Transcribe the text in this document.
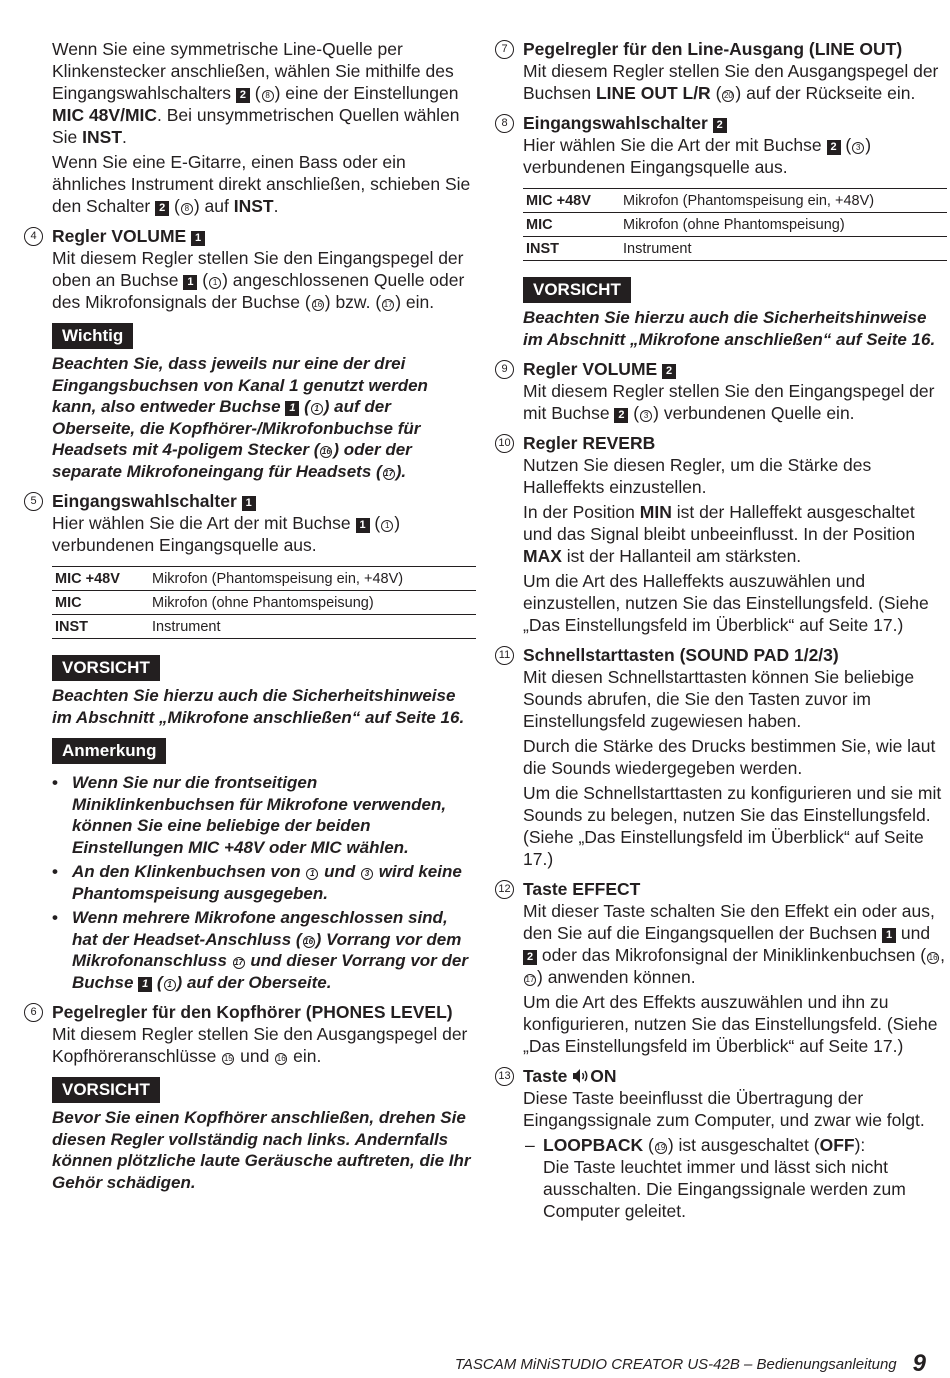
Wenn Sie eine symmetrische Line-Quelle per Klinkenstecker anschließen, wählen Sie mithilfe des Eingangswahlschalters 2 ( 8 ) eine der Einstellungen MIC 48V/MIC. Bei unsymmetrischen Quellen wählen Sie INST.

Wenn Sie eine E-Gitarre, einen Bass oder ein ähnliches Instrument direkt anschließen, schieben Sie den Schalter 2 ( 8 ) auf INST.

4 Regler VOLUME 1

Mit diesem Regler stellen Sie den Eingangspegel der oben an Buchse 1 ( 1 ) angeschlossenen Quelle oder des Mikrofonsignals der Buchse ( 16 ) bzw. ( 17 ) ein.

Wichtig

Beachten Sie, dass jeweils nur eine der drei Eingangsbuchsen von Kanal 1 genutzt werden kann, also entweder Buchse 1 ( 1 ) auf der Oberseite, die Kopfhörer-/Mikrofonbuchse für Headsets mit 4-poligem Stecker ( 16 ) oder der separate Mikrofoneingang für Headsets ( 17 ).

5 Eingangswahlschalter 1

Hier wählen Sie die Art der mit Buchse 1 ( 1 ) verbundenen Eingangsquelle aus.

MIC +48V	Mikrofon (Phantomspeisung ein, +48V)
MIC	Mikrofon (ohne Phantomspeisung)
INST	Instrument
VORSICHT

Beachten Sie hierzu auch die Sicherheitshinweise im Abschnitt „Mikrofone anschließen“ auf Seite 16.

Anmerkung
• Wenn Sie nur die frontseitigen Miniklinkenbuchsen für Mikrofone verwenden, können Sie eine beliebige der beiden Einstellungen MIC +48V oder MIC wählen.
• An den Klinkenbuchsen von 1 und 3 wird keine Phantomspeisung ausgegeben.
• Wenn mehrere Mikrofone angeschlossen sind, hat der Headset-Anschluss ( 16 ) Vorrang vor dem Mikrofonanschluss 17 und dieser Vorrang vor der Buchse 1 ( 1 ) auf der Oberseite.
6 Pegelregler für den Kopfhörer (PHONES LEVEL)

Mit diesem Regler stellen Sie den Ausgangspegel der Kopfhöreranschlüsse 15 und 16 ein.

VORSICHT

Bevor Sie einen Kopfhörer anschließen, drehen Sie diesen Regler vollständig nach links. Andernfalls können plötzliche laute Geräusche auftreten, die Ihr Gehör schädigen.

7 Pegelregler für den Line-Ausgang (LINE OUT)

Mit diesem Regler stellen Sie den Ausgangspegel der Buchsen LINE OUT L/R ( 20 ) auf der Rückseite ein.

8 Eingangswahlschalter 2

Hier wählen Sie die Art der mit Buchse 2 ( 3 ) verbundenen Eingangsquelle aus.

MIC +48V	Mikrofon (Phantomspeisung ein, +48V)
MIC	Mikrofon (ohne Phantomspeisung)
INST	Instrument
VORSICHT

Beachten Sie hierzu auch die Sicherheitshinweise im Abschnitt „Mikrofone anschließen“ auf Seite 16.

9 Regler VOLUME 2

Mit diesem Regler stellen Sie den Eingangspegel der mit Buchse 2 ( 3 ) verbundenen Quelle ein.

10 Regler REVERB

Nutzen Sie diesen Regler, um die Stärke des Halleffekts einzustellen.

In der Position MIN ist der Halleffekt ausgeschaltet und das Signal bleibt unbeeinflusst. In der Position MAX ist der Hallanteil am stärksten.

Um die Art des Halleffekts auszuwählen und einzustellen, nutzen Sie das Einstellungsfeld. (Siehe „Das Einstellungsfeld im Überblick“ auf Seite 17.)

11 Schnellstarttasten (SOUND PAD 1/2/3)

Mit diesen Schnellstarttasten können Sie beliebige Sounds abrufen, die Sie den Tasten zuvor im Einstellungsfeld zugewiesen haben.

Durch die Stärke des Drucks bestimmen Sie, wie laut die Sounds wiedergegeben werden.

Um die Schnellstarttasten zu konfigurieren und sie mit Sounds zu belegen, nutzen Sie das Einstellungsfeld. (Siehe „Das Einstellungsfeld im Überblick“ auf Seite 17.)

12 Taste EFFECT

Mit dieser Taste schalten Sie den Effekt ein oder aus, den Sie auf die Eingangsquellen der Buchsen 1 und 2 oder das Mikrofonsignal der Miniklinkenbuchsen ( 16 , 17 ) anwenden können.

Um die Art des Effekts auszuwählen und ihn zu konfigurieren, nutzen Sie das Einstellungsfeld. (Siehe „Das Einstellungsfeld im Überblick“ auf Seite 17.)

13 Taste ON

Diese Taste beeinflusst die Übertragung der Eingangssignale zum Computer, und zwar wie folgt.

– LOOPBACK ( 19 ) ist ausgeschaltet (OFF):
Die Taste leuchtet immer und lässt sich nicht ausschalten. Die Eingangssignale werden zum Computer geleitet.

TASCAM MiNiSTUDIO CREATOR US-42B – Bedienungsanleitung 9
